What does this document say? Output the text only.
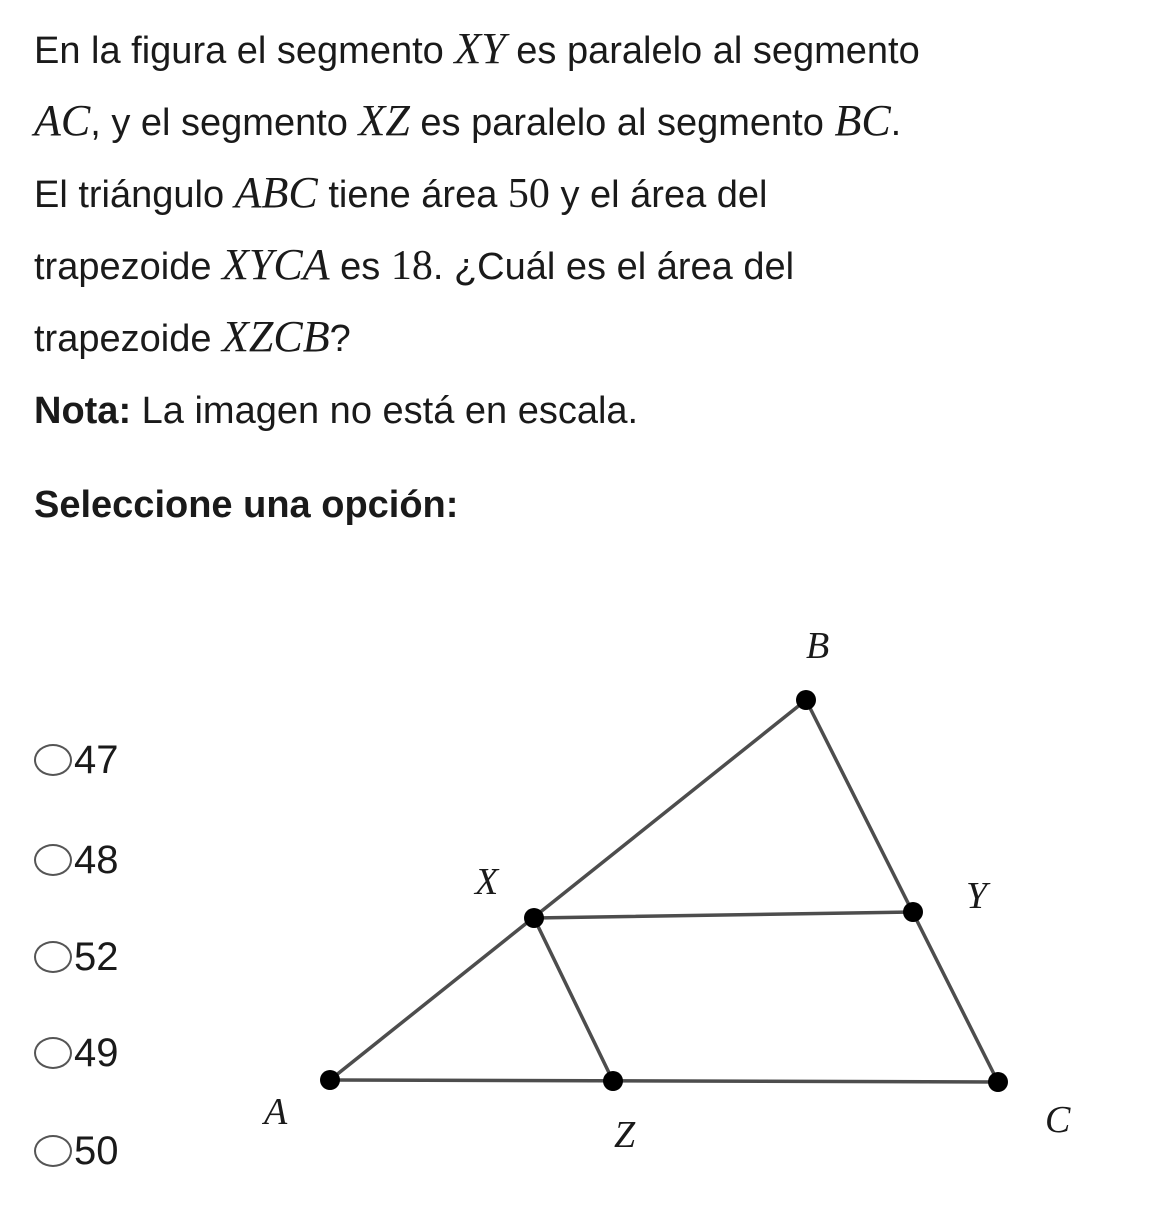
En la figura el segmento XY es paralelo al segmento
AC, y el segmento XZ es paralelo al segmento BC.
El triángulo ABC tiene área 50 y el área del
trapezoide XYCA es 18. ¿Cuál es el área del
trapezoide XZCB?
Nota: La imagen no está en escala.
Seleccione una opción:
47
48
52
49
50
A
B
C
X	Y
Z
